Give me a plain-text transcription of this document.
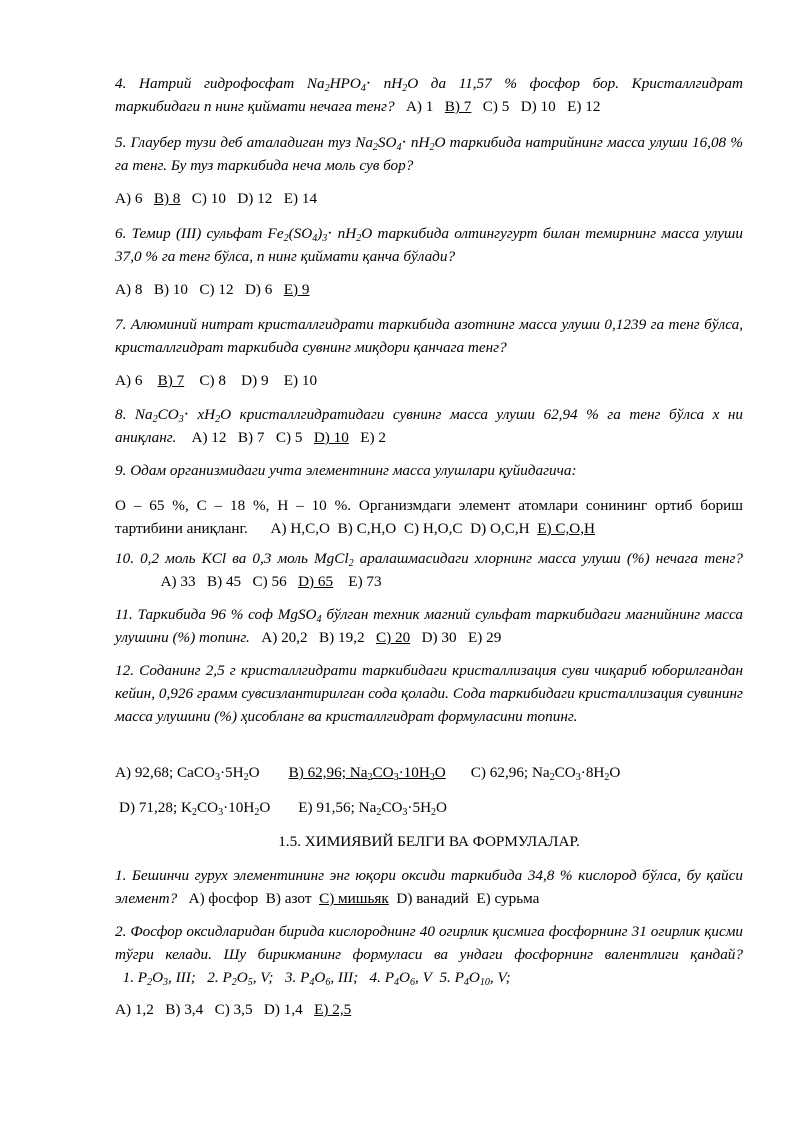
4. Натрий гидрофосфат $Na_2HPO_4\cdot nH_2O$ да 11,57 % фосфор бор. Кристаллгидрат таркибидаги n нинг қиймати нечага тенг?   A) 1 B) 7 C) 5 D) 10 E) 12
5. Глаубер тузи деб аталадиган туз $Na_2SO_4\cdot nH_2O$ таркибида натрийнинг масса улуши 16,08 % га тенг. Бу туз таркибида неча моль сув бор?
A) 6 B) 8 C) 10 D) 12 E) 14
6. Темир (III) сульфат $Fe_2(SO_4)_3\cdot nH_2O$ таркибида олтингугурт билан темирнинг масса улуши 37,0 % га тенг бўлса, n нинг қиймати қанча бўлади?
A) 8 B) 10 C) 12 D) 6 E) 9
7. Алюминий нитрат кристаллгидрати таркибида азотнинг масса улуши 0,1239 га тенг бўлса, кристаллгидрат таркибида сувнинг миқдори қанчага тенг?
A) 6 B) 7 C) 8 D) 9 E) 10
8. $Na_2CO_3\cdot xH_2O$ кристаллгидратидаги сувнинг масса улуши 62,94 % га тенг бўлса х ни аниқланг.    A) 12 B) 7 C) 5 D) 10 E) 2
9. Одам организмидаги учта элементнинг масса улушлари қуйидагича:
O – 65 %, C – 18 %, H – 10 %. Организмдаги элемент атомлари сонининг ортиб бориш тартибини аниқланг.      A) H,C,O B) C,H,O C) H,O,C D) O,C,H E) C,O,H
10. 0,2 моль KCl ва 0,3 моль MgCl$_2$ аралашмасидаги хлорнинг масса улуши (%) нечага тенг?             A) 33 B) 45 C) 56 D) 65 E) 73
11. Таркибида 96 % соф MgSO$_4$ бўлган техник магний сульфат таркибидаги магнийнинг масса улушини (%) топинг.   A) 20,2 B) 19,2 C) 20 D) 30 E) 29
12. Соданинг 2,5 г кристаллгидрати таркибидаги кристаллизация суви чиқариб юборилгандан кейин, 0,926 грамм сувсизлантирилган сода қолади. Сода таркибидаги кристаллизация сувининг масса улушини (%) ҳисобланг ва кристаллгидрат формуласини топинг.
A) 92,68; $CaCO_3\cdot 5H_2O$ B) 62,96; $Na_2CO_3\cdot 10H_2O$ C) 62,96; $Na_2CO_3\cdot 8H_2O$
D) 71,28; $K_2CO_3\cdot 10H_2O$ E) 91,56; $Na_2CO_3\cdot 5H_2O$
1.5. ХИМИЯВИЙ БЕЛГИ ВА ФОРМУЛАЛАР.
1. Бешинчи гурух элементининг энг юқори оксиди таркибида 34,8 % кислород бўлса, бу қайси элемент?   A) фосфор B) азот C) мишьяк D) ванадий E) сурьма
2. Фосфор оксидларидан бирида кислороднинг 40 огирлик қисмига фосфорнинг 31 огирлик қисми тўгри келади. Шу бирикманинг формуласи ва ундаги фосфорнинг валентлиги қандай?   1. $P_2O_3$, III; 2. $P_2O_5$, V; 3. $P_4O_6$, III; 4. $P_4O_6$, V 5. $P_4O_{10}$, V;
A) 1,2 B) 3,4 C) 3,5 D) 1,4 E) 2,5
